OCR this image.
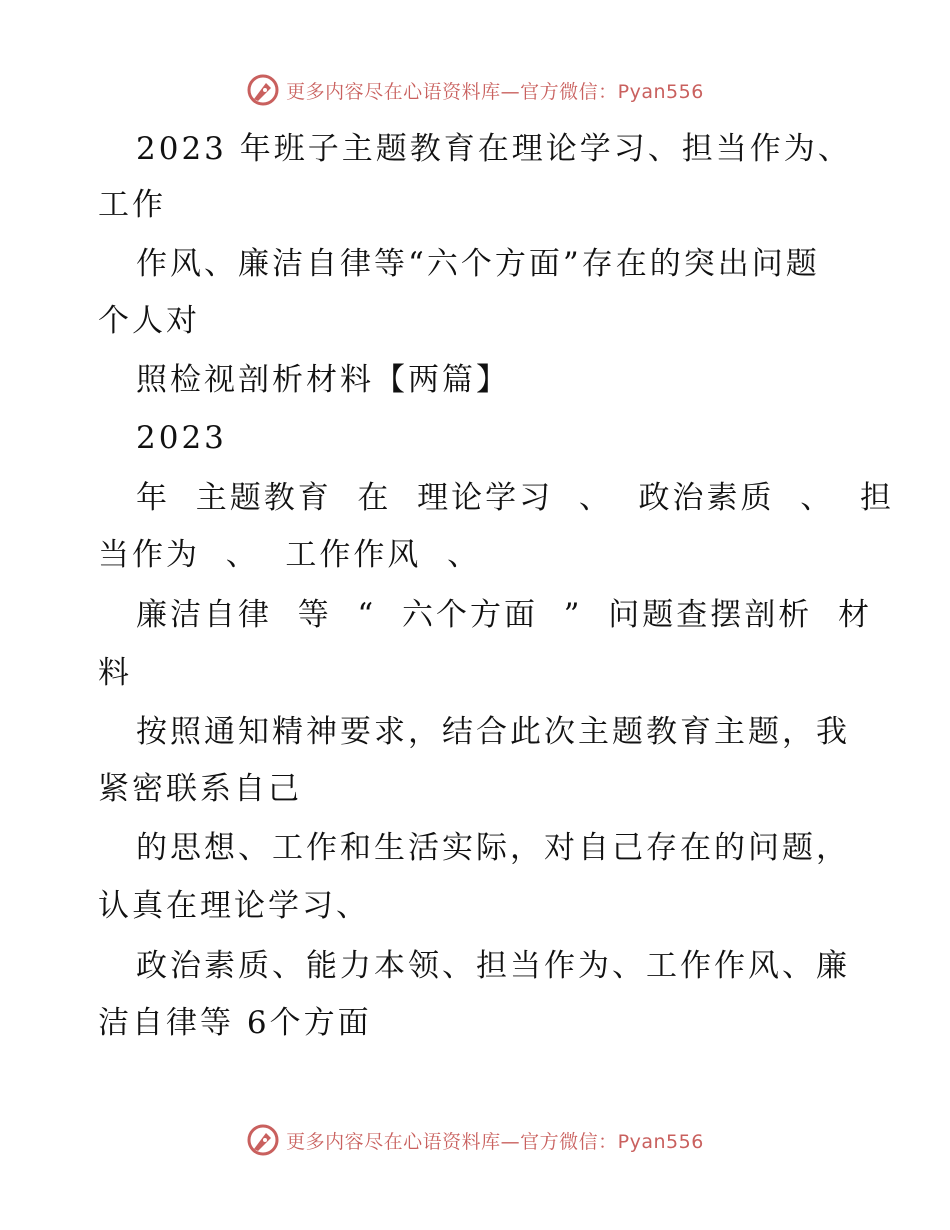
更多内容尽在心语资料库—官方微信：Pyan556
2023 年班子主题教育在理论学习、担当作为、
工作
作风、廉洁自律等“六个方面”存在的突出问题
个人对
照检视剖析材料【两篇】
2023
年  主题教育  在  理论学习  、  政治素质  、  担
当作为  、  工作作风  、
廉洁自律  等  “  六个方面  ”  问题查摆剖析  材
料
按照通知精神要求，结合此次主题教育主题，我
紧密联系自己
的思想、工作和生活实际，对自己存在的问题，
认真在理论学习、
政治素质、能力本领、担当作为、工作作风、廉
洁自律等 6个方面
更多内容尽在心语资料库—官方微信：Pyan556
